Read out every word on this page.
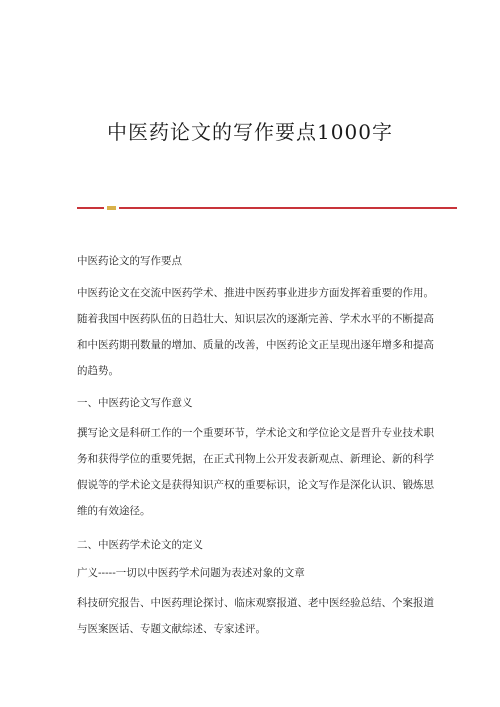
中医药论文的写作要点1000字
中医药论文的写作要点
中医药论文在交流中医药学术、推进中医药事业进步方面发挥着重要的作用。
随着我国中医药队伍的日趋壮大、知识层次的逐渐完善、学术水平的不断提高
和中医药期刊数量的增加、质量的改善，中医药论文正呈现出逐年增多和提高
的趋势。
一、中医药论文写作意义
撰写论文是科研工作的一个重要环节，学术论文和学位论文是晋升专业技术职
务和获得学位的重要凭据，在正式刊物上公开发表新观点、新理论、新的科学
假说等的学术论文是获得知识产权的重要标识，论文写作是深化认识、锻炼思
维的有效途径。
二、中医药学术论文的定义
广义-----一切以中医药学术问题为表述对象的文章
科技研究报告、中医药理论探讨、临床观察报道、老中医经验总结、个案报道
与医案医话、专题文献综述、专家述评。
